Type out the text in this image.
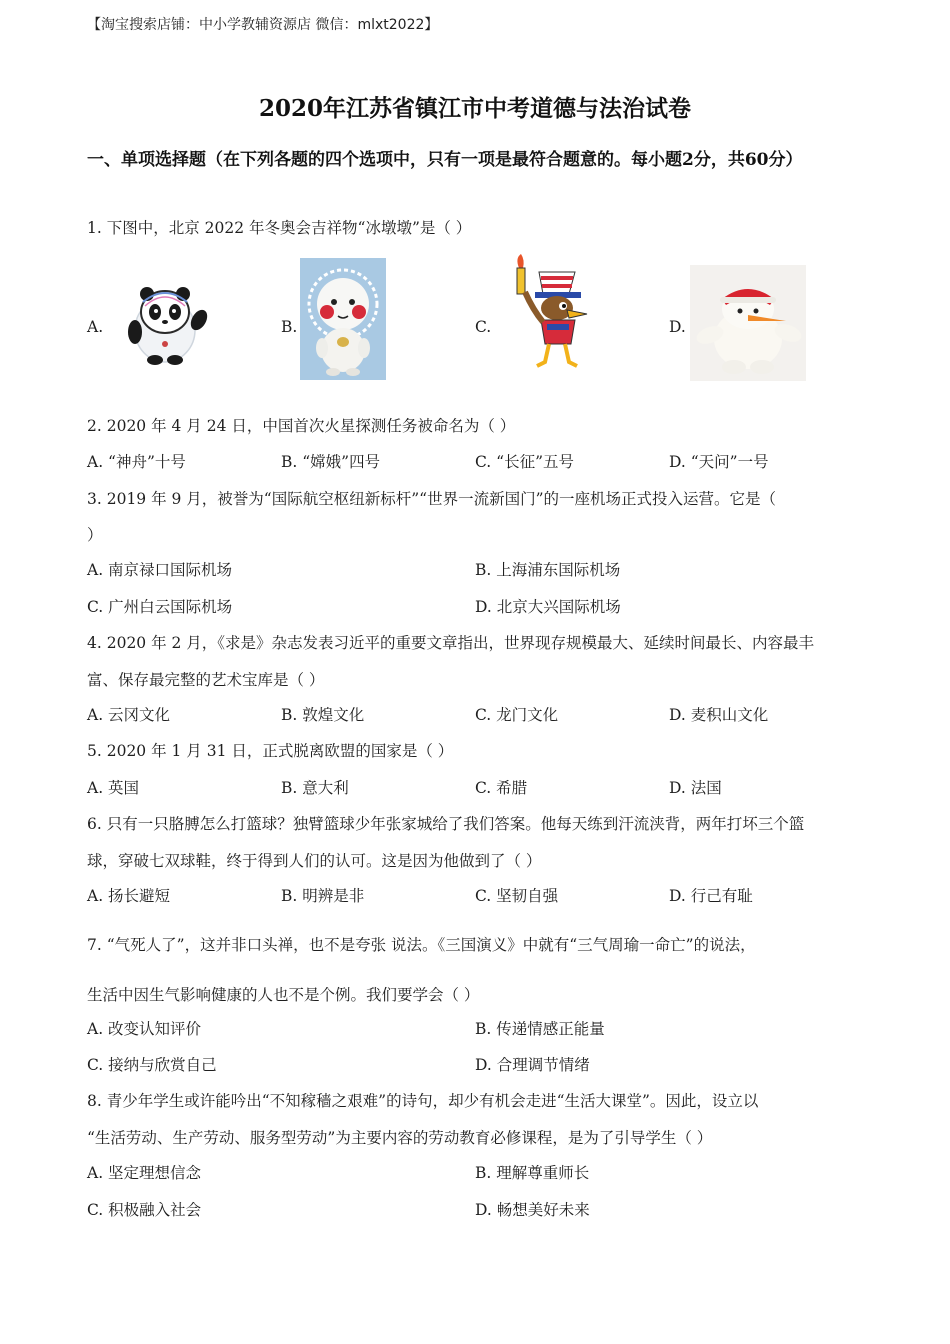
【淘宝搜索店铺：中小学教辅资源店 微信：mlxt2022】
2020年江苏省镇江市中考道德与法治试卷
一、单项选择题（在下列各题的四个选项中，只有一项是最符合题意的。每小题2分，共60分）
1. 下图中，北京 2022 年冬奥会吉祥物“冰墩墩”是（ ）
A.	B.	C.	D.
2. 2020 年 4 月 24 日，中国首次火星探测任务被命名为（ ）
A. “神舟”十号	B. “嫦娥”四号	C. “长征”五号	D. “天问”一号
3. 2019 年 9 月，被誉为“国际航空枢纽新标杆”“世界一流新国门”的一座机场正式投入运营。它是（
）
A. 南京禄口国际机场	B. 上海浦东国际机场
C. 广州白云国际机场	D. 北京大兴国际机场
4. 2020 年 2 月，《求是》杂志发表习近平的重要文章指出，世界现存规模最大、延续时间最长、内容最丰
富、保存最完整的艺术宝库是（ ）
A. 云冈文化	B. 敦煌文化	C. 龙门文化	D. 麦积山文化
5. 2020 年 1 月 31 日，正式脱离欧盟的国家是（ ）
A. 英国	B. 意大利	C. 希腊	D. 法国
6. 只有一只胳膊怎么打篮球？独臂篮球少年张家城给了我们答案。他每天练到汗流浃背，两年打坏三个篮
球，穿破七双球鞋，终于得到人们的认可。这是因为他做到了（ ）
A. 扬长避短	B. 明辨是非	C. 坚韧自强	D. 行己有耻
7. “气死人了”，这并非口头禅，也不是夸张 说法。《三国演义》中就有“三气周瑜一命亡”的说法，
生活中因生气影响健康的人也不是个例。我们要学会（ ）
A. 改变认知评价	B. 传递情感正能量
C. 接纳与欣赏自己	D. 合理调节情绪
8. 青少年学生或许能吟出“不知稼穑之艰难”的诗句，却少有机会走进“生活大课堂”。因此，设立以
“生活劳动、生产劳动、服务型劳动”为主要内容的劳动教育必修课程，是为了引导学生（ ）
A. 坚定理想信念	B. 理解尊重师长
C. 积极融入社会	D. 畅想美好未来
